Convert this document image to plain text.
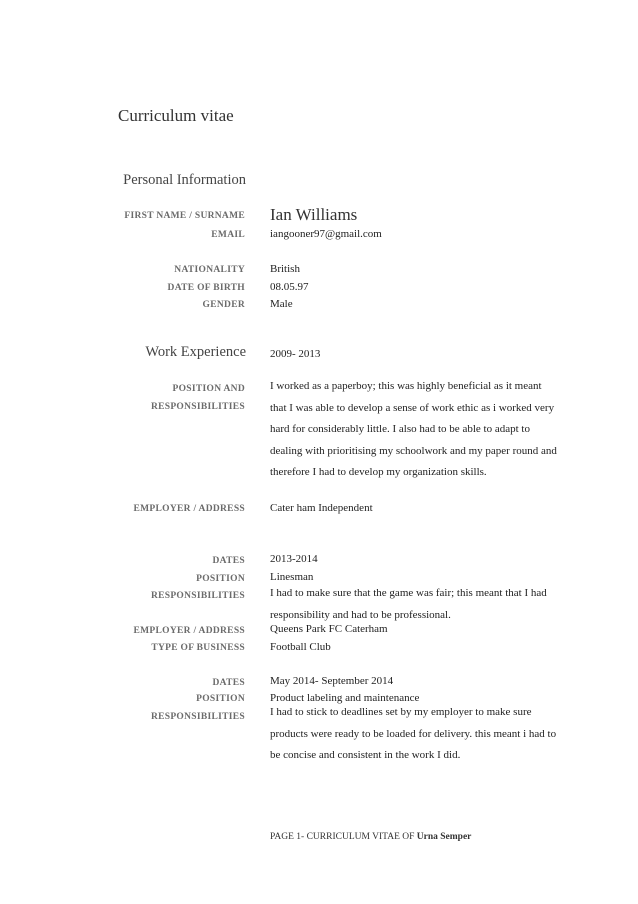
Curriculum vitae
Personal Information
FIRST NAME / SURNAME Ian Williams
EMAIL iangooner97@gmail.com
NATIONALITY British
DATE OF BIRTH 08.05.97
GENDER Male
Work Experience 2009- 2013
POSITION AND
RESPONSIBILITIES
I worked as a paperboy; this was highly beneficial as it meant that I was able to develop a sense of work ethic as i worked very hard for considerably little. I also had to be able to adapt to dealing with prioritising my schoolwork and my paper round and therefore I had to develop my organization skills.
EMPLOYER / ADDRESS Cater ham Independent
DATES 2013-2014
POSITION Linesman
RESPONSIBILITIES I had to make sure that the game was fair; this meant that I had responsibility and had to be professional.
EMPLOYER / ADDRESS Queens Park FC Caterham
TYPE OF BUSINESS Football Club
DATES May 2014- September 2014
POSITION Product labeling and maintenance
RESPONSIBILITIES I had to stick to deadlines set by my employer to make sure products were ready to be loaded for delivery. this meant i had to be concise and consistent in the work I did.
PAGE 1- CURRICULUM VITAE OF Urna Semper
